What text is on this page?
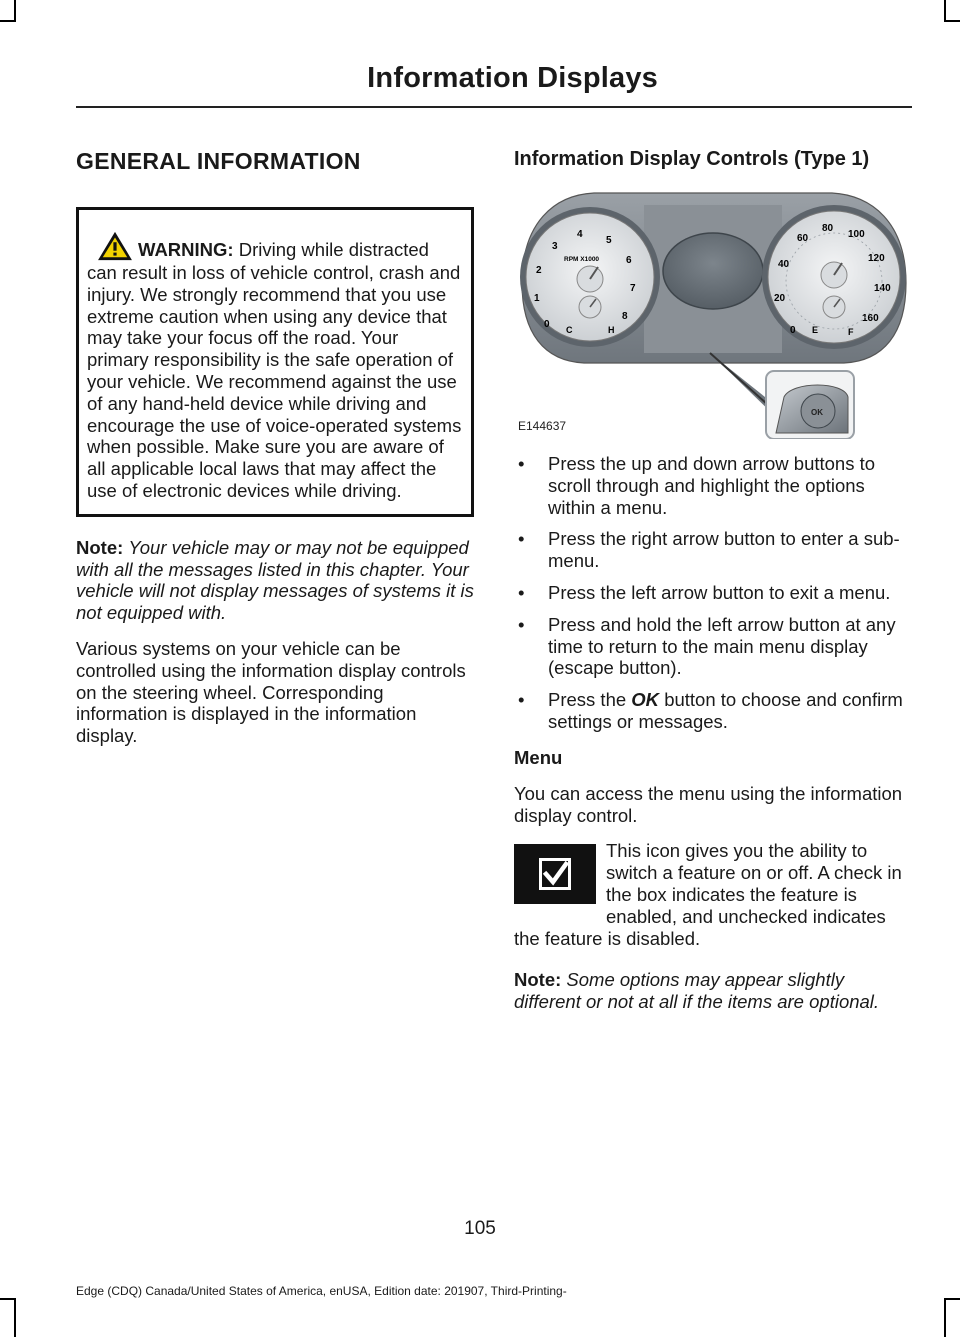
Information Displays
GENERAL INFORMATION
WARNING: Driving while distracted can result in loss of vehicle control, crash and injury. We strongly recommend that you use extreme caution when using any device that may take your focus off the road. Your primary responsibility is the safe operation of your vehicle. We recommend against the use of any hand-held device while driving and encourage the use of voice-operated systems when possible. Make sure you are aware of all applicable local laws that may affect the use of electronic devices while driving.

Note: Your vehicle may or may not be equipped with all the messages listed in this chapter. Your vehicle will not display messages of systems it is not equipped with.

Various systems on your vehicle can be controlled using the information display controls on the steering wheel. Corresponding information is displayed in the information display.

Information Display Controls (Type 1)
0
1
2
3
4
5
6
7
8
RPM X1000
C	H	0
20
40
60
80
100
120
140
160
E	F
OK
E144637
• Press the up and down arrow buttons to scroll through and highlight the options within a menu.
• Press the right arrow button to enter a sub-menu.
• Press the left arrow button to exit a menu.
• Press and hold the left arrow button at any time to return to the main menu display (escape button).
• Press the OK button to choose and confirm settings or messages.
Menu

You can access the menu using the information display control.

This icon gives you the ability to switch a feature on or off. A check in the box indicates the feature is enabled, and unchecked indicates the feature is disabled.

Note: Some options may appear slightly different or not at all if the items are optional.

105
Edge (CDQ) Canada/United States of America, enUSA, Edition date: 201907, Third-Printing-
